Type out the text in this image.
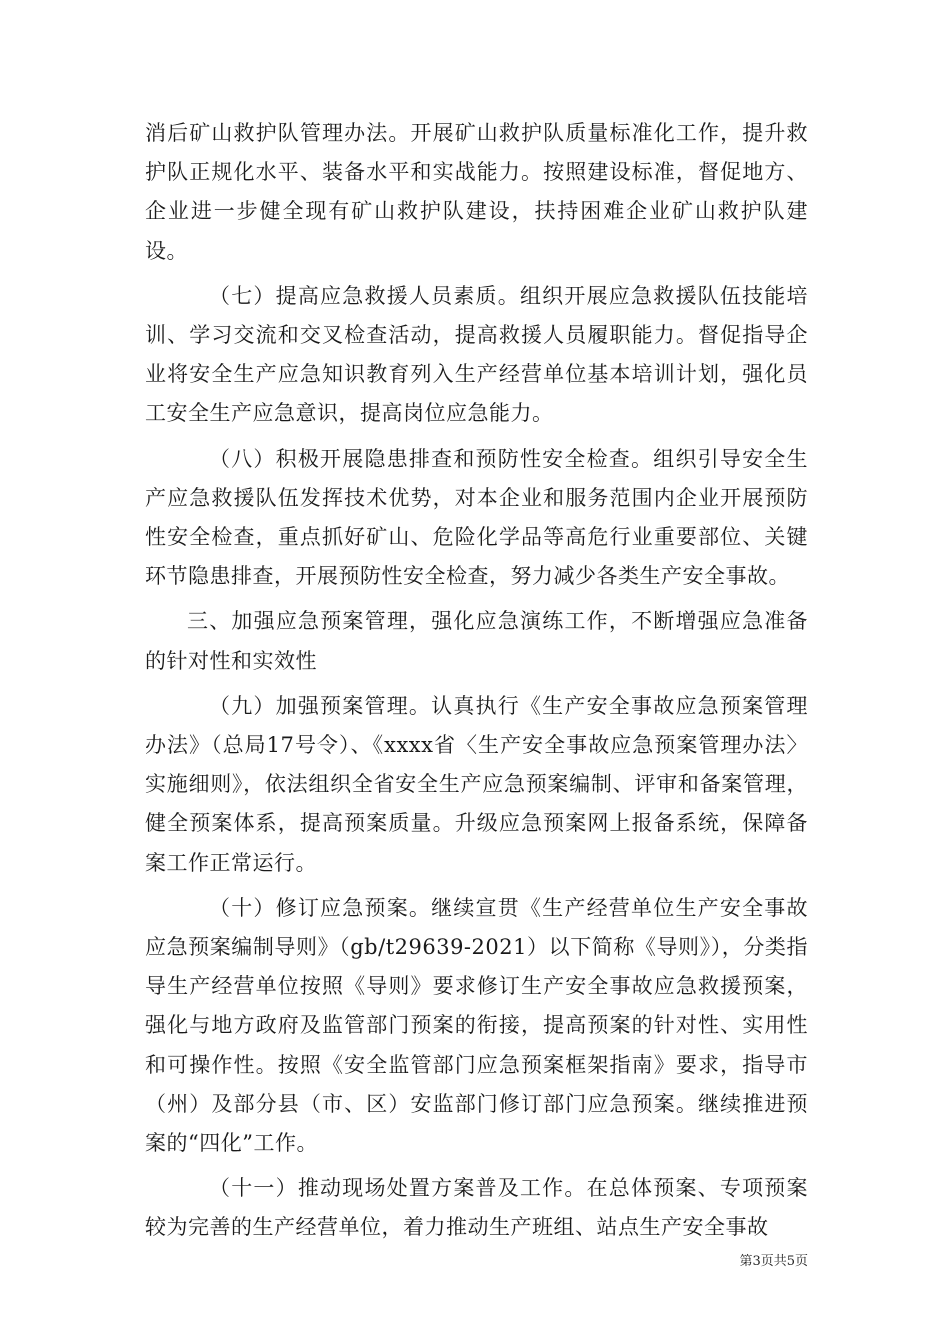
消后矿山救护队管理办法。开展矿山救护队质量标准化工作，提升救护队正规化水平、装备水平和实战能力。按照建设标准，督促地方、企业进一步健全现有矿山救护队建设，扶持困难企业矿山救护队建设。

（七）提高应急救援人员素质。组织开展应急救援队伍技能培训、学习交流和交叉检查活动，提高救援人员履职能力。督促指导企业将安全生产应急知识教育列入生产经营单位基本培训计划，强化员工安全生产应急意识，提高岗位应急能力。

（八）积极开展隐患排查和预防性安全检查。组织引导安全生产应急救援队伍发挥技术优势，对本企业和服务范围内企业开展预防性安全检查，重点抓好矿山、危险化学品等高危行业重要部位、关键环节隐患排查，开展预防性安全检查，努力减少各类生产安全事故。

三、加强应急预案管理，强化应急演练工作，不断增强应急准备的针对性和实效性

（九）加强预案管理。认真执行《生产安全事故应急预案管理办法》（总局17号令）、《xxxx省〈生产安全事故应急预案管理办法〉实施细则》，依法组织全省安全生产应急预案编制、评审和备案管理，健全预案体系，提高预案质量。升级应急预案网上报备系统，保障备案工作正常运行。

（十）修订应急预案。继续宣贯《生产经营单位生产安全事故应急预案编制导则》（gb/t29639-2021）以下简称《导则》），分类指导生产经营单位按照《导则》要求修订生产安全事故应急救援预案，强化与地方政府及监管部门预案的衔接，提高预案的针对性、实用性和可操作性。按照《安全监管部门应急预案框架指南》要求，指导市（州）及部分县（市、区）安监部门修订部门应急预案。继续推进预案的“四化”工作。

（十一）推动现场处置方案普及工作。在总体预案、专项预案较为完善的生产经营单位，着力推动生产班组、站点生产安全事故

第3页共5页
